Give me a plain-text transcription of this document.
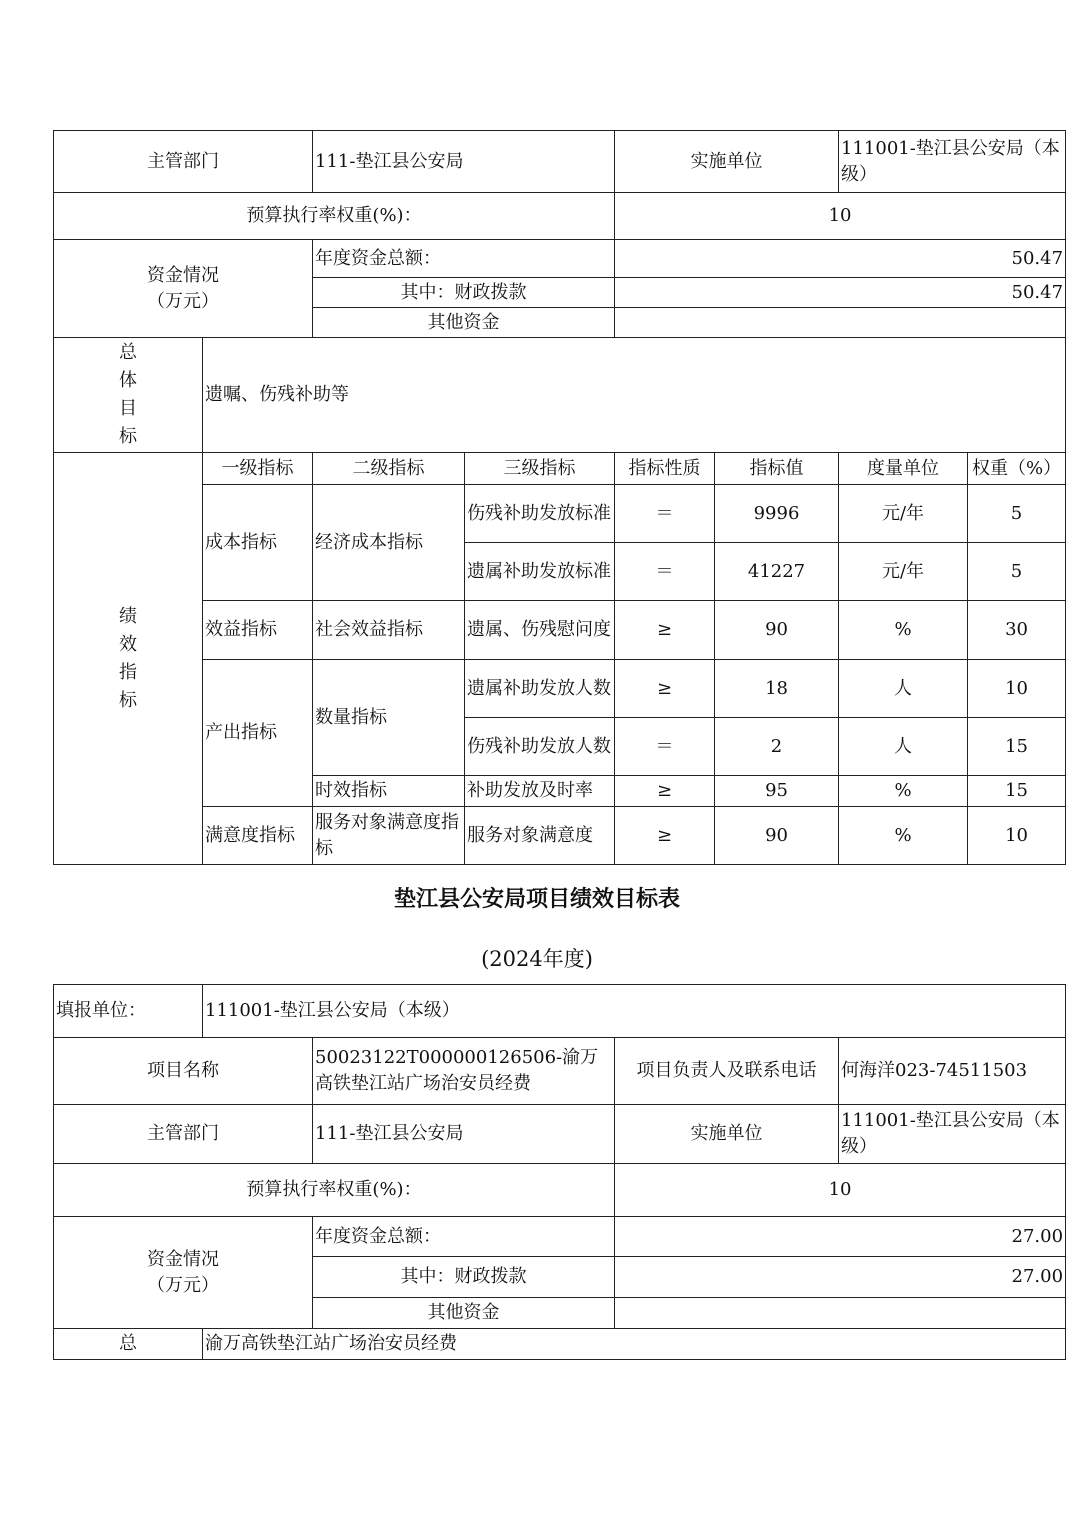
主管部门		111-垫江县公安局		实施单位		111001-垫江县公安局（本级）	
预算执行率权重(%)：				10			
资金情况（万元）		年度资金总额：		50.47			
		其中：财政拨款		50.47			
		其他资金					

总
体
目
标	遗嘱、伤残补助等						

绩
效
指
标	一级指标	二级指标	三级指标	指标性质	指标值	度量单位	权重（%）
	成本指标	经济成本指标	伤残补助发放标准	＝	9996	元/年	5
			遗属补助发放标准	＝	41227	元/年	5
	效益指标	社会效益指标	遗属、伤残慰问度	≥	90	%	30
	产出指标	数量指标	遗属补助发放人数	≥	18	人	10
			伤残补助发放人数	＝	2	人	15
		时效指标	补助发放及时率	≥	95	%	15
	满意度指标	服务对象满意度指标	服务对象满意度	≥	90	%	10
垫江县公安局项目绩效目标表
(2024年度)
填报单位：	111001-垫江县公安局（本级）			
项目名称		50023122T000000126506-渝万高铁垫江站广场治安员经费	项目负责人及联系电话	何海洋023-74511503
主管部门		111-垫江县公安局	实施单位	111001-垫江县公安局（本级）
预算执行率权重(%)：			10	
资金情况（万元）		年度资金总额：	27.00	
		其中：财政拨款	27.00	
		其他资金		
总	渝万高铁垫江站广场治安员经费			
